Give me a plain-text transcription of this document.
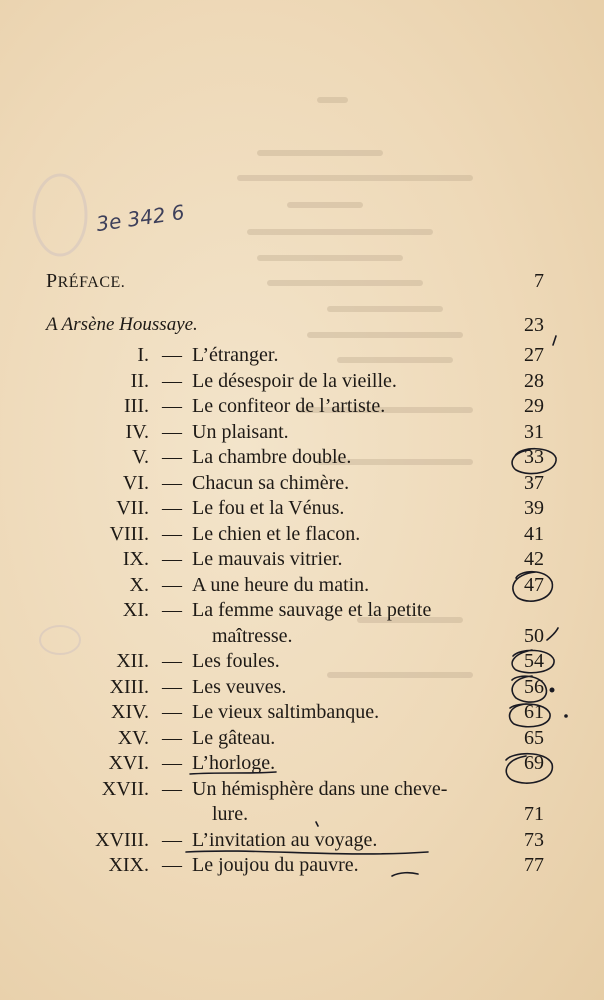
3e 342 6
PRÉFACE.	7
A Arsène Houssaye.	23
I. — L’étranger.	27
II. — Le désespoir de la vieille.	28
III. — Le confiteor de l’artiste.	29
IV. — Un plaisant.	31
V. — La chambre double.	33
VI. — Chacun sa chimère.	37
VII. — Le fou et la Vénus.	39
VIII. — Le chien et le flacon.	41
IX. — Le mauvais vitrier.	42
X. — A une heure du matin.	47
XI. — La femme sauvage et la petite
maîtresse.	50
XII. — Les foules.	54
XIII. — Les veuves.	56
XIV. — Le vieux saltimbanque.	61
XV. — Le gâteau.	65
XVI. — L’horloge.	69
XVII. — Un hémisphère dans une cheve-
lure.	71
XVIII. — L’invitation au voyage.	73
XIX. — Le joujou du pauvre.	77
